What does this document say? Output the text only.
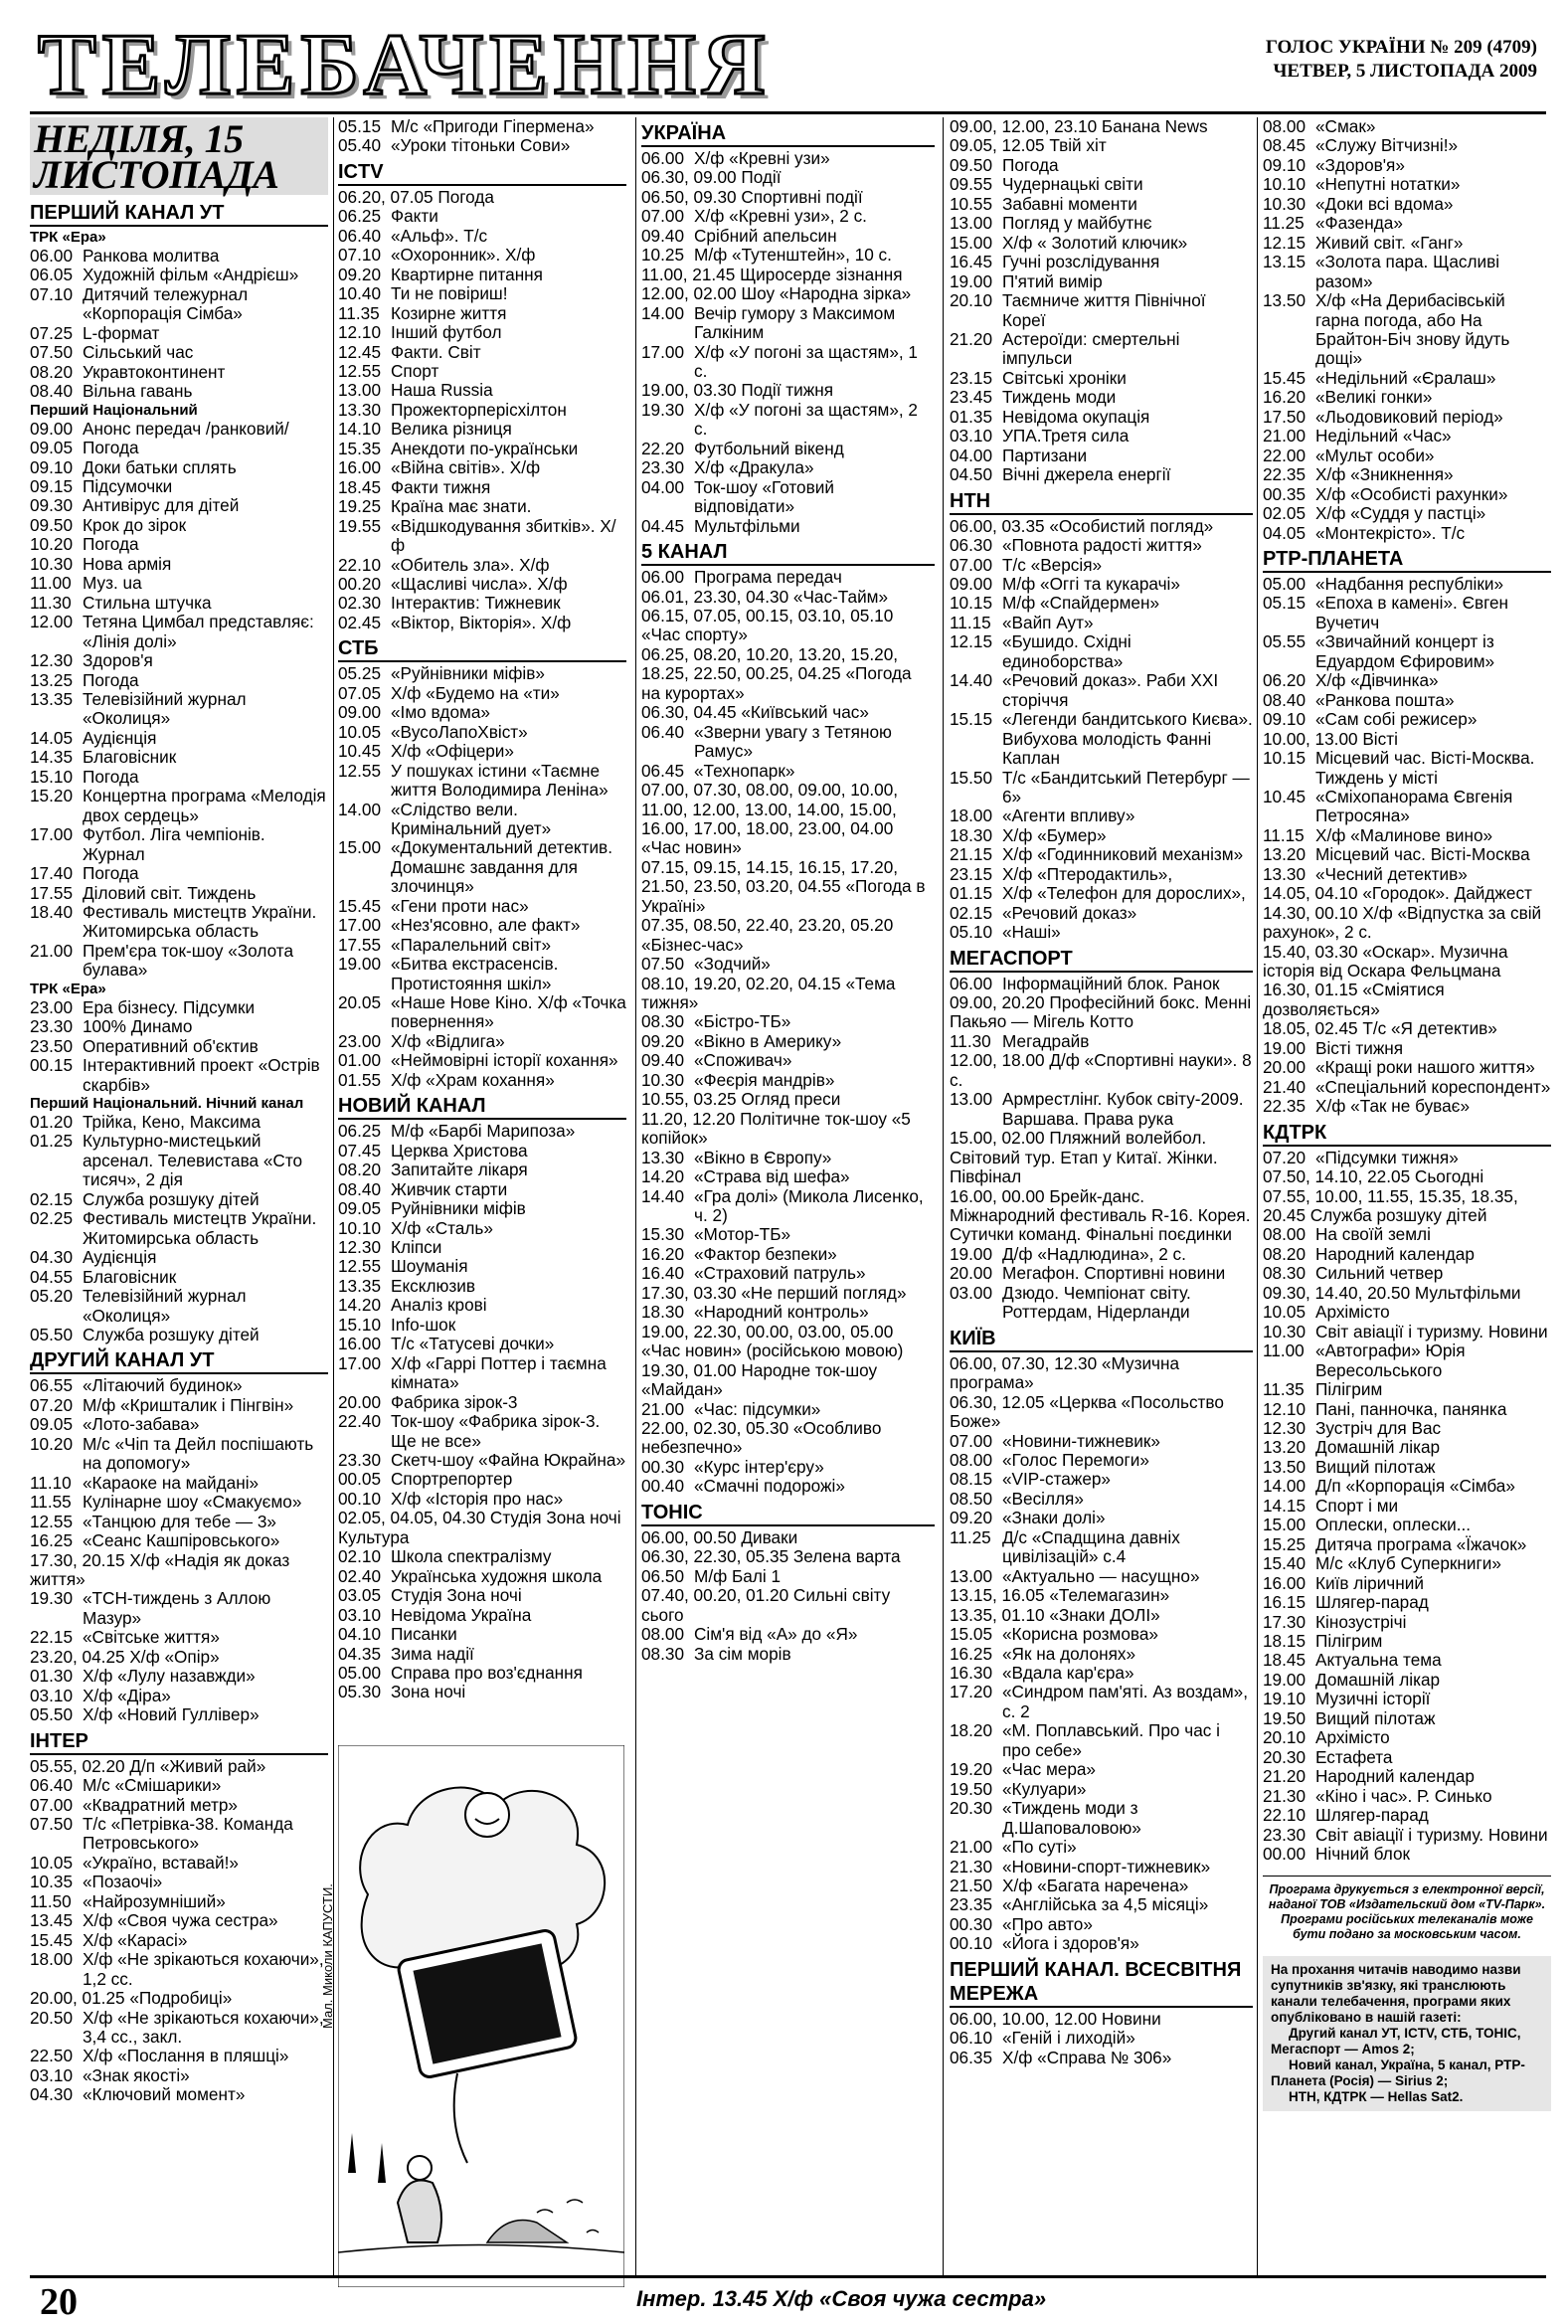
ТЕЛЕБАЧЕННЯ	ГОЛОС УКРАЇНИ № 209 (4709)
ЧЕТВЕР, 5 ЛИСТОПАДА 2009
НЕДІЛЯ, 15 ЛИСТОПАДА
ПЕРШИЙ КАНАЛ УТ
ТРК «Ера»
06.00 Ранкова молитва
06.05 Художній фільм «Андрієш»
07.10 Дитячий тележурнал «Корпорація Сімба»
07.25 L-формат
07.50 Сільський час
08.20 Укравтоконтинент
08.40 Вільна гавань
Перший Національний
09.00 Анонс передач /ранковий/
09.05 Погода
09.10 Доки батьки сплять
09.15 Підсумочки
09.30 Антивірус для дітей
09.50 Крок до зірок
10.20 Погода
10.30 Нова армія
11.00 Муз. ua
11.30 Стильна штучка
12.00 Тетяна Цимбал представляє: «Лінія долі»
12.30 Здоров'я
13.25 Погода
13.35 Телевізійний журнал «Околиця»
14.05 Аудієнція
14.35 Благовісник
15.10 Погода
15.20 Концертна програма «Мелодія двох сердець»
17.00 Футбол. Ліга чемпіонів. Журнал
17.40 Погода
17.55 Діловий світ. Тиждень
18.40 Фестиваль мистецтв України. Житомирська область
21.00 Прем'єра ток-шоу «Золота булава»
ТРК «Ера»
23.00 Ера бізнесу. Підсумки
23.30 100% Динамо
23.50 Оперативний об'єктив
00.15 Інтерактивний проект «Острів скарбів»
Перший Національний. Нічний канал
01.20 Трійка, Кено, Максима
01.25 Культурно-мистецький арсенал. Телевистава «Сто тисяч», 2 дія
02.15 Служба розшуку дітей
02.25 Фестиваль мистецтв України. Житомирська область
04.30 Аудієнція
04.55 Благовісник
05.20 Телевізійний журнал «Околиця»
05.50 Служба розшуку дітей
ДРУГИЙ КАНАЛ УТ
06.55 «Літаючий будинок»
07.20 М/ф «Кришталик і Пінгвін»
09.05 «Лото-забава»
10.20 М/с «Чіп та Дейл поспішають на допомогу»
11.10 «Караоке на майдані»
11.55 Кулінарне шоу «Смакуємо»
12.55 «Танцюю для тебе — 3»
16.25 «Сеанс Кашпіровського»
17.30, 20.15 Х/ф «Надія як доказ життя»
19.30 «ТСН-тиждень з Аллою Мазур»
22.15 «Світське життя»
23.20, 04.25 Х/ф «Опір»
01.30 Х/ф «Лулу назавжди»
03.10 Х/ф «Діра»
05.50 Х/ф «Новий Гуллівер»
ІНТЕР
05.55, 02.20 Д/п «Живий рай»
06.40 М/с «Смішарики»
07.00 «Квадратний метр»
07.50 Т/с «Петрівка-38. Команда Петровського»
10.05 «Україно, вставай!»
10.35 «Позаочі»
11.50 «Найрозумніший»
13.45 Х/ф «Своя чужа сестра»
15.45 Х/ф «Карасі»
18.00 Х/ф «Не зрікаються кохаючи», 1,2 сс.
20.00, 01.25 «Подробиці»
20.50 Х/ф «Не зрікаються кохаючи», 3,4 сс., закл.
22.50 Х/ф «Послання в пляшці»
03.10 «Знак якості»
04.30 «Ключовий момент»
05.15 М/с «Пригоди Гіпермена»
05.40 «Уроки тітоньки Сови»
ICTV
06.20, 07.05 Погода
06.25 Факти
06.40 «Альф». Т/с
07.10 «Охоронник». Х/ф
09.20 Квартирне питання
10.40 Ти не повіриш!
11.35 Козирне життя
12.10 Інший футбол
12.45 Факти. Світ
12.55 Спорт
13.00 Наша Russia
13.30 Прожекторперісхілтон
14.10 Велика різниця
15.35 Анекдоти по-українськи
16.00 «Війна світів». Х/ф
18.45 Факти тижня
19.25 Країна має знати.
19.55 «Відшкодування збитків». Х/ф
22.10 «Обитель зла». Х/ф
00.20 «Щасливі числа». Х/ф
02.30 Інтерактив: Тижневик
02.45 «Віктор, Вікторія». Х/ф
СТБ
05.25 «Руйнівники міфів»
07.05 Х/ф «Будемо на «ти»
09.00 «Імо вдома»
10.05 «ВусоЛапоХвіст»
10.45 Х/ф «Офіцери»
12.55 У пошуках істини «Таємне життя Володимира Леніна»
14.00 «Слідство вели. Кримінальний дует»
15.00 «Документальний детектив. Домашнє завдання для злочинця»
15.45 «Гени проти нас»
17.00 «Нез'ясовно, але факт»
17.55 «Паралельний світ»
19.00 «Битва екстрасенсів. Протистояння шкіл»
20.05 «Наше Нове Кіно. Х/ф «Точка повернення»
23.00 Х/ф «Відлига»
01.00 «Неймовірні історії кохання»
01.55 Х/ф «Храм кохання»
НОВИЙ КАНАЛ
06.25 М/ф «Барбі Марипоза»
07.45 Церква Христова
08.20 Запитайте лікаря
08.40 Живчик старти
09.05 Руйнівники міфів
10.10 Х/ф «Сталь»
12.30 Кліпси
12.55 Шоуманія
13.35 Ексклюзив
14.20 Аналіз крові
15.10 Info-шок
16.00 Т/с «Татусеві дочки»
17.00 Х/ф «Гаррі Поттер і таємна кімната»
20.00 Фабрика зірок-3
22.40 Ток-шоу «Фабрика зірок-3. Ще не все»
23.30 Скетч-шоу «Файна Юкрайна»
00.05 Спортрепортер
00.10 Х/ф «Історія про нас»
02.05, 04.05, 04.30 Студія Зона ночі Культура
02.10 Школа спектралізму
02.40 Українська художня школа
03.05 Студія Зона ночі
03.10 Невідома Україна
04.10 Писанки
04.35 Зима надії
05.00 Справа про воз'єднання
05.30 Зона ночі
УКРАЇНА
06.00 Х/ф «Кревні узи»
06.30, 09.00 Події
06.50, 09.30 Спортивні події
07.00 Х/ф «Кревні узи», 2 с.
09.40 Срібний апельсин
10.25 М/ф «Тутенштейн», 10 с.
11.00, 21.45 Щиросерде зізнання
12.00, 02.00 Шоу «Народна зірка»
14.00 Вечір гумору з Максимом Галкіним
17.00 Х/ф «У погоні за щастям», 1 с.
19.00, 03.30 Події тижня
19.30 Х/ф «У погоні за щастям», 2 с.
22.20 Футбольний вікенд
23.30 Х/ф «Дракула»
04.00 Ток-шоу «Готовий відповідати»
04.45 Мультфільми
5 КАНАЛ
06.00 Програма передач
06.01, 23.30, 04.30 «Час-Тайм»
06.15, 07.05, 00.15, 03.10, 05.10 «Час спорту»
06.25, 08.20, 10.20, 13.20, 15.20, 18.25, 22.50, 00.25, 04.25 «Погода на курортах»
06.30, 04.45 «Київський час»
06.40 «Зверни увагу з Тетяною Рамус»
06.45 «Технопарк»
07.00, 07.30, 08.00, 09.00, 10.00, 11.00, 12.00, 13.00, 14.00, 15.00, 16.00, 17.00, 18.00, 23.00, 04.00 «Час новин»
07.15, 09.15, 14.15, 16.15, 17.20, 21.50, 23.50, 03.20, 04.55 «Погода в Україні»
07.35, 08.50, 22.40, 23.20, 05.20 «Бізнес-час»
07.50 «Зодчий»
08.10, 19.20, 02.20, 04.15 «Тема тижня»
08.30 «Бістро-ТБ»
09.20 «Вікно в Америку»
09.40 «Споживач»
10.30 «Феєрія мандрів»
10.55, 03.25 Огляд преси
11.20, 12.20 Політичне ток-шоу «5 копійок»
13.30 «Вікно в Європу»
14.20 «Страва від шефа»
14.40 «Гра долі» (Микола Лисенко, ч. 2)
15.30 «Мотор-ТБ»
16.20 «Фактор безпеки»
16.40 «Страховий патруль»
17.30, 03.30 «Не перший погляд»
18.30 «Народний контроль»
19.00, 22.30, 00.00, 03.00, 05.00 «Час новин» (російською мовою)
19.30, 01.00 Народне ток-шоу «Майдан»
21.00 «Час: підсумки»
22.00, 02.30, 05.30 «Особливо небезпечно»
00.30 «Курс інтер'єру»
00.40 «Смачні подорожі»
ТОНІС
06.00, 00.50 Диваки
06.30, 22.30, 05.35 Зелена варта
06.50 М/ф Балі 1
07.40, 00.20, 01.20 Сильні світу сього
08.00 Сім'я від «А» до «Я»
08.30 За сім морів
09.00, 12.00, 23.10 Банана News
09.05, 12.05 Твій хіт
09.50 Погода
09.55 Чудернацькі світи
10.55 Забавні моменти
13.00 Погляд у майбутнє
15.00 Х/ф « Золотий ключик»
16.45 Гучні розслідування
19.00 П'ятий вимір
20.10 Таємниче життя Північної Кореї
21.20 Астероїди: смертельні імпульси
23.15 Світські хроніки
23.45 Тиждень моди
01.35 Невідома окупація
03.10 УПА.Третя сила
04.00 Партизани
04.50 Вічні джерела енергії
НТН
06.00, 03.35 «Особистий погляд»
06.30 «Повнота радості життя»
07.00 Т/с «Версія»
09.00 М/ф «Оггі та кукарачі»
10.15 М/ф «Спайдермен»
11.15 «Вайп Аут»
12.15 «Бушидо. Східні единоборства»
14.40 «Речовий доказ». Раби XXI сторіччя
15.15 «Легенди бандитського Києва». Вибухова молодість Фанні Каплан
15.50 Т/с «Бандитський Петербург — 6»
18.00 «Агенти впливу»
18.30 Х/ф «Бумер»
21.15 Х/ф «Годинниковий механізм»
23.15 Х/ф «Птеродактиль»,
01.15 Х/ф «Телефон для дорослих»,
02.15 «Речовий доказ»
05.10 «Наші»
МЕГАСПОРТ
06.00 Інформаційний блок. Ранок
09.00, 20.20 Професійний бокс. Менні Пакьяо — Мігель Котто
11.30 Мегадрайв
12.00, 18.00 Д/ф «Спортивні науки». 8 с.
13.00 Армрестлінг. Кубок світу-2009. Варшава. Права рука
15.00, 02.00 Пляжний волейбол. Світовий тур. Етап у Китаї. Жінки. Півфінал
16.00, 00.00 Брейк-данс. Міжнародний фестиваль R-16. Корея. Сутички команд. Фінальні поєдинки
19.00 Д/ф «Надлюдина», 2 с.
20.00 Мегафон. Спортивні новини
03.00 Дзюдо. Чемпіонат світу. Роттердам, Нідерланди
КИЇВ
06.00, 07.30, 12.30 «Музична програма»
06.30, 12.05 «Церква «Посольство Боже»
07.00 «Новини-тижневик»
08.00 «Голос Перемоги»
08.15 «VIP-стажер»
08.50 «Весілля»
09.20 «Знаки долі»
11.25 Д/с «Спадщина давніх цивілізацій» с.4
13.00 «Актуально — насущно»
13.15, 16.05 «Телемагазин»
13.35, 01.10 «Знаки ДОЛІ»
15.05 «Корисна розмова»
16.25 «Як на долонях»
16.30 «Вдала кар'єра»
17.20 «Синдром пам'яті. Аз воздам», с. 2
18.20 «М. Поплавський. Про час і про себе»
19.20 «Час мера»
19.50 «Кулуари»
20.30 «Тиждень моди з Д.Шаповаловою»
21.00 «По суті»
21.30 «Новини-спорт-тижневик»
21.50 Х/ф «Багата наречена»
23.35 «Англійська за 4,5 місяці»
00.30 «Про авто»
00.10 «Йога і здоров'я»
ПЕРШИЙ КАНАЛ. ВСЕСВІТНЯ МЕРЕЖА
06.00, 10.00, 12.00 Новини
06.10 «Геній і лиходій»
06.35 Х/ф «Справа № 306»
08.00 «Смак»
08.45 «Служу Вітчизні!»
09.10 «Здоров'я»
10.10 «Непутні нотатки»
10.30 «Доки всі вдома»
11.25 «Фазенда»
12.15 Живий світ. «Ганг»
13.15 «Золота пара. Щасливі разом»
13.50 Х/ф «На Дерибасівській гарна погода, або На Брайтон-Біч знову йдуть дощі»
15.45 «Недільний «Єралаш»
16.20 «Великі гонки»
17.50 «Льодовиковий період»
21.00 Недільний «Час»
22.00 «Мульт особи»
22.35 Х/ф «Зникнення»
00.35 Х/ф «Особисті рахунки»
02.05 Х/ф «Суддя у пастці»
04.05 «Монтекрісто». Т/с
РТР-ПЛАНЕТА
05.00 «Надбання республіки»
05.15 «Епоха в камені». Євген Вучетич
05.55 «Звичайний концерт із Едуардом Єфировим»
06.20 Х/ф «Дівчинка»
08.40 «Ранкова пошта»
09.10 «Сам собі режисер»
10.00, 13.00 Вісті
10.15 Місцевий час. Вісті-Москва. Тиждень у місті
10.45 «Сміхопанорама Євгенія Петросяна»
11.15 Х/ф «Малинове вино»
13.20 Місцевий час. Вісті-Москва
13.30 «Чесний детектив»
14.05, 04.10 «Городок». Дайджест
14.30, 00.10 Х/ф «Відпустка за свій рахунок», 2 с.
15.40, 03.30 «Оскар». Музична історія від Оскара Фельцмана
16.30, 01.15 «Сміятися дозволяється»
18.05, 02.45 Т/с «Я детектив»
19.00 Вісті тижня
20.00 «Кращі роки нашого життя»
21.40 «Спеціальний кореспондент»
22.35 Х/ф «Так не буває»
КДТРК
07.20 «Підсумки тижня»
07.50, 14.10, 22.05 Сьогодні
07.55, 10.00, 11.55, 15.35, 18.35, 20.45 Служба розшуку дітей
08.00 На своїй землі
08.20 Народний календар
08.30 Сильний четвер
09.30, 14.40, 20.50 Мультфільми
10.05 Архімісто
10.30 Світ авіації і туризму. Новини
11.00 «Автографи» Юрія Вересольського
11.35 Пілігрим
12.10 Пані, панночка, панянка
12.30 Зустріч для Вас
13.20 Домашній лікар
13.50 Вищий пілотаж
14.00 Д/п «Корпорація «Сімба»
14.15 Спорт і ми
15.00 Оплески, оплески...
15.25 Дитяча програма «Їжачок»
15.40 М/с «Клуб Суперкниги»
16.00 Київ ліричний
16.15 Шлягер-парад
17.30 Кінозустрічі
18.15 Пілігрим
18.45 Актуальна тема
19.00 Домашній лікар
19.10 Музичні історії
19.50 Вищий пілотаж
20.10 Архімісто
20.30 Естафета
21.20 Народний календар
21.30 «Кіно і час». Р. Синько
22.10 Шлягер-парад
23.30 Світ авіації і туризму. Новини
00.00 Нічний блок
Програма друкується з електронної версії, наданої ТОВ «Издательский дом «TV-Парк». Програми російських телеканалів може бути подано за московським часом.
На прохання читачів наводимо назви супутників зв'язку, які транслюють канали телебачення, програми яких опубліковано в нашій газеті:
Другий канал УТ, ICTV, СТБ, ТОНІС, Мегаспорт — Amos 2;
Новий канал, Україна, 5 канал, РТР-Планета (Росія) — Sirius 2;
НТН, КДТРК — Hellas Sat2.
Мал. Миколи КАПУСТИ.
20	Інтер. 13.45 Х/ф «Своя чужа сестра»
